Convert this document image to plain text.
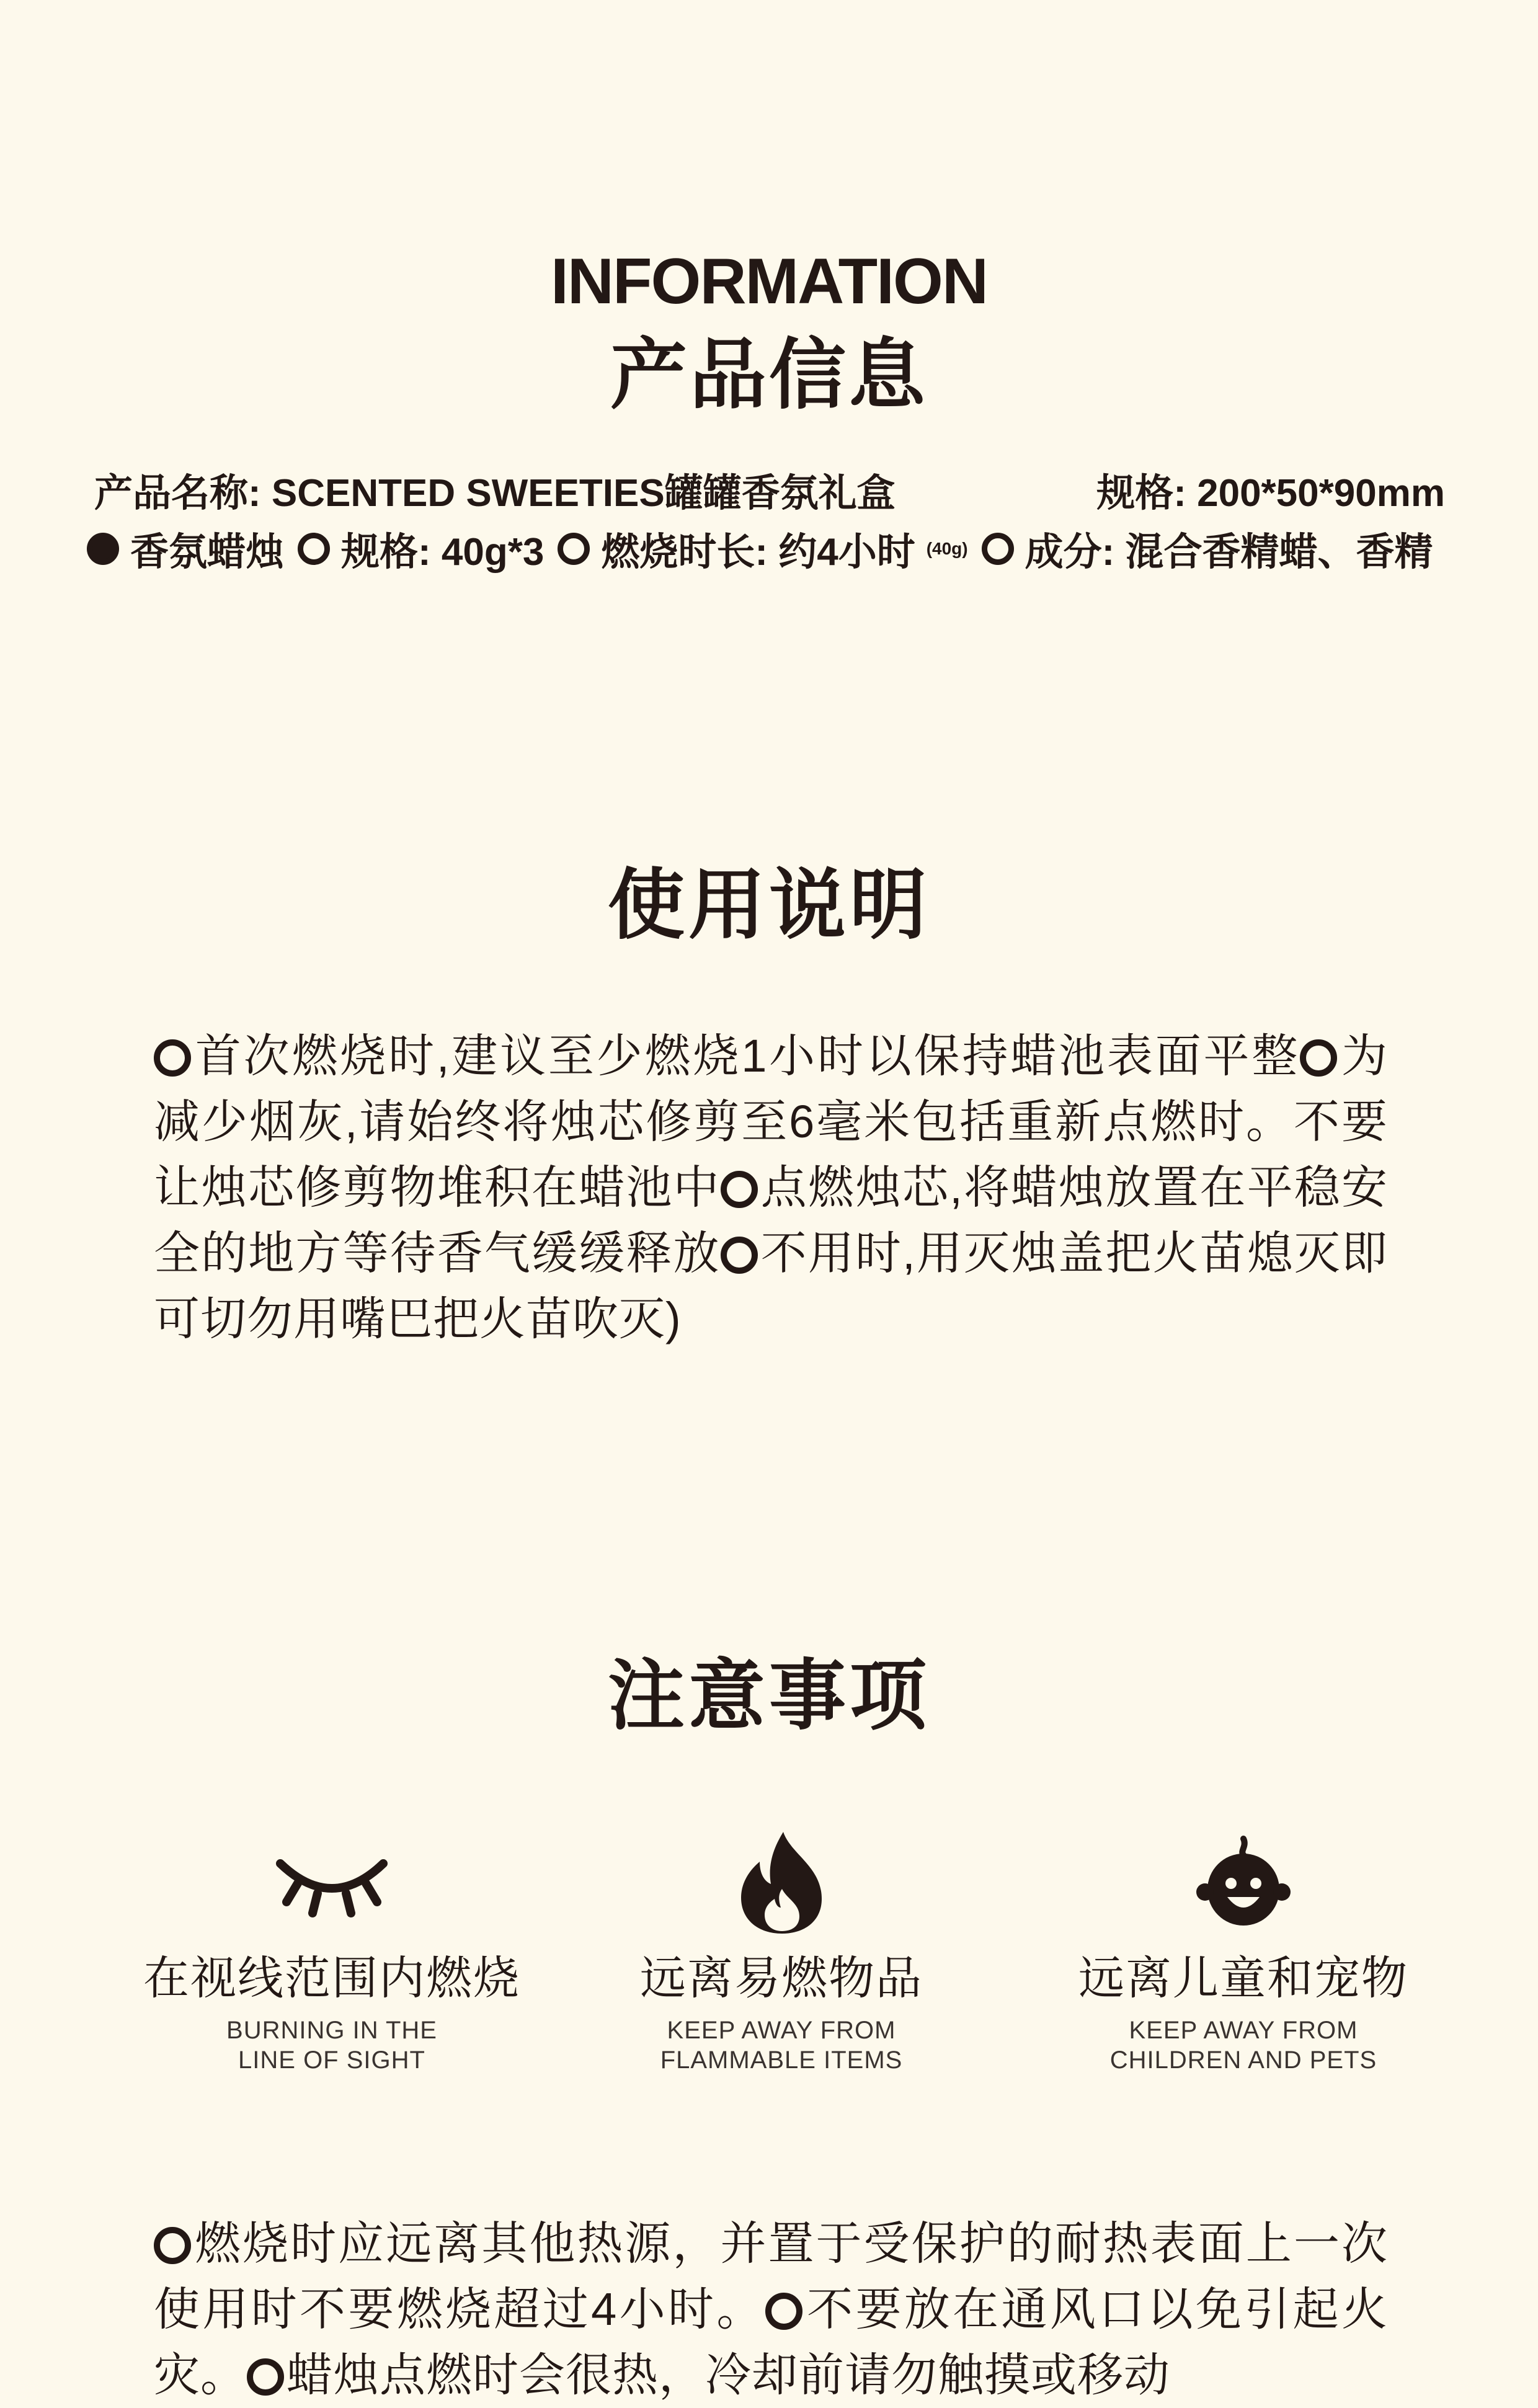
INFORMATION
产品信息
产品名称: SCENTED SWEETIES罐罐香氛礼盒	规格: 200*50*90mm
香氛蜡烛 规格: 40g*3 燃烧时长: 约4小时 (40g) 成分: 混合香精蜡、香精
使用说明
首次燃烧时,建议至少燃烧1小时以保持蜡池表面平整 为减少烟灰,请始终将烛芯修剪至6毫米包括重新点燃时。不要让烛芯修剪物堆积在蜡池中 点燃烛芯,将蜡烛放置在平稳安全的地方等待香气缓缓释放 不用时,用灭烛盖把火苗熄灭即可切勿用嘴巴把火苗吹灭)
注意事项
在视线范围内燃烧
BURNING IN THE
LINE OF SIGHT
远离易燃物品
KEEP AWAY FROM
FLAMMABLE ITEMS
远离儿童和宠物
KEEP AWAY FROM
CHILDREN AND PETS
燃烧时应远离其他热源，并置于受保护的耐热表面上一次使用时不要燃烧超过4小时。 不要放在通风口以免引起火灾。 蜡烛点燃时会很热，冷却前请勿触摸或移动
